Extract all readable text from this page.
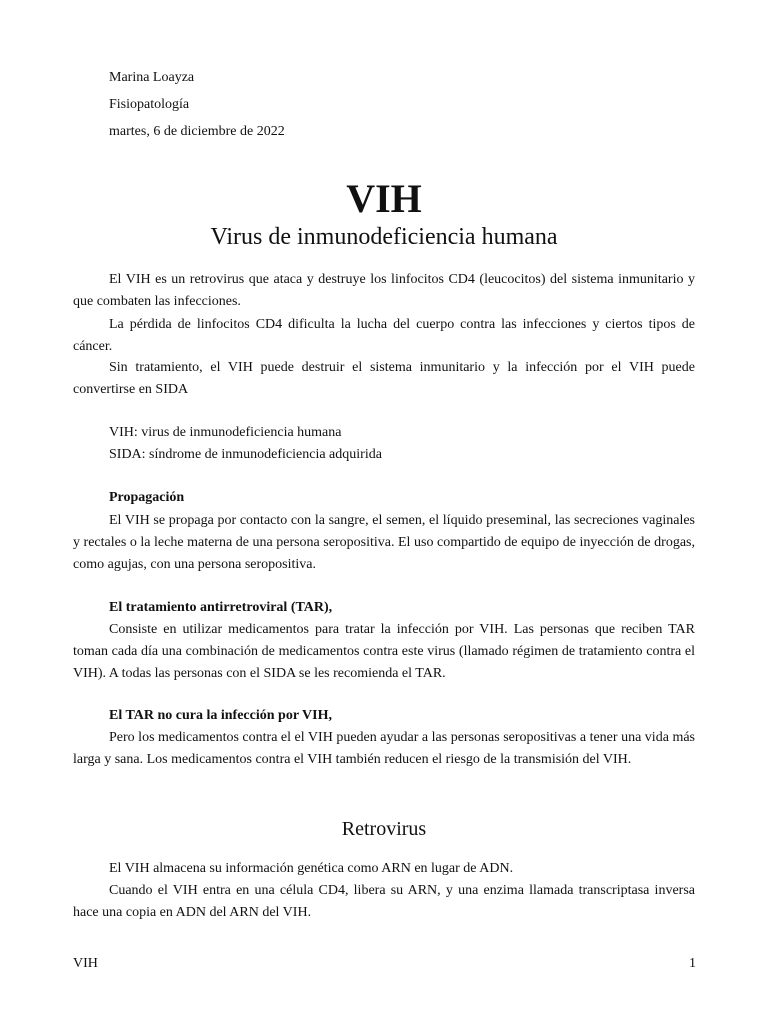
Marina Loayza
Fisiopatología
martes, 6 de diciembre de 2022
VIH
Virus de inmunodeficiencia humana

El VIH es un retrovirus que ataca y destruye los linfocitos CD4 (leucocitos) del sistema inmunitario y que combaten las infecciones.

La pérdida de linfocitos CD4 dificulta la lucha del cuerpo contra las infecciones y ciertos tipos de cáncer.

Sin tratamiento, el VIH puede destruir el sistema inmunitario y la infección por el VIH puede convertirse en SIDA

VIH: virus de inmunodeficiencia humana
SIDA: síndrome de inmunodeficiencia adquirida
Propagación

El VIH se propaga por contacto con la sangre, el semen, el líquido preseminal, las secreciones vaginales y rectales o la leche materna de una persona seropositiva. El uso compartido de equipo de inyección de drogas, como agujas, con una persona seropositiva.

El tratamiento antirretroviral (TAR),

Consiste en utilizar medicamentos para tratar la infección por VIH. Las personas que reciben TAR toman cada día una combinación de medicamentos contra este virus (llamado régimen de tratamiento contra el VIH). A todas las personas con el SIDA se les recomienda el TAR.

El TAR no cura la infección por VIH,

Pero los medicamentos contra el el VIH pueden ayudar a las personas seropositivas a tener una vida más larga y sana. Los medicamentos contra el VIH también reducen el riesgo de la transmisión del VIH.

Retrovirus

El VIH almacena su información genética como ARN en lugar de ADN.

Cuando el VIH entra en una célula CD4, libera su ARN, y una enzima llamada transcriptasa inversa hace una copia en ADN del ARN del VIH.

VIH	1
